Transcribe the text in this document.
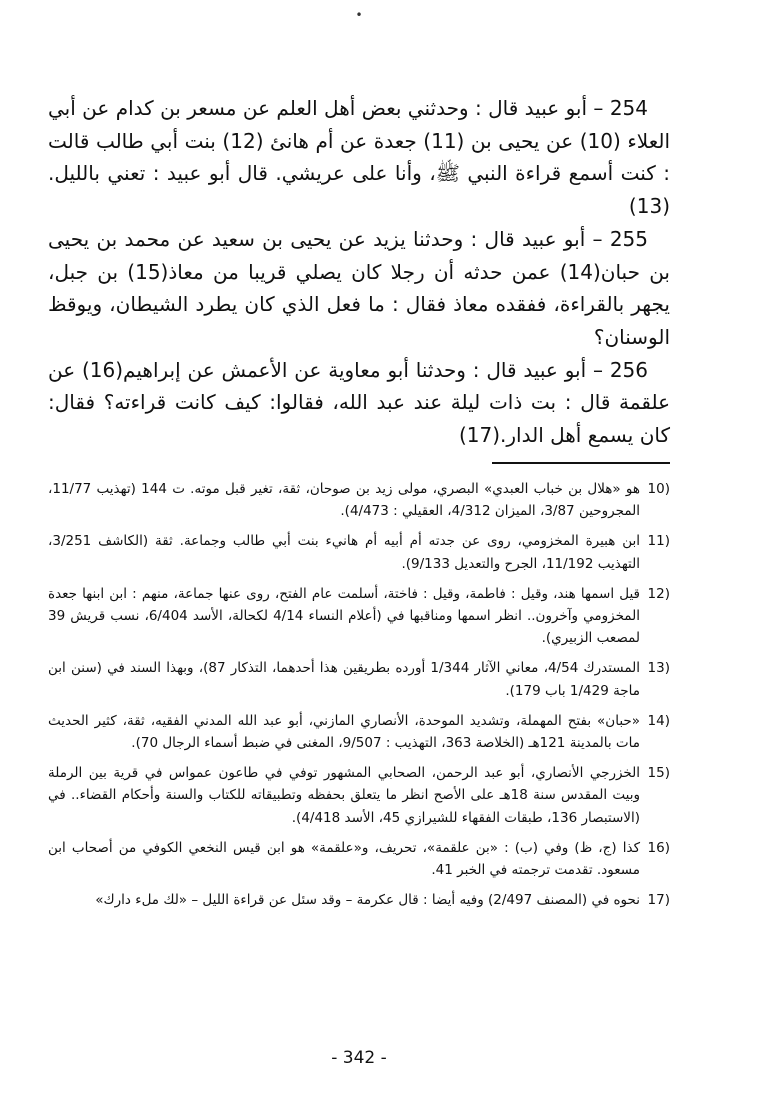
•

254 – أبو عبيد قال : وحدثني بعض أهل العلم عن مسعر بن كدام عن أبي العلاء (10) عن يحيى بن (11) جعدة عن أم هانئ (12) بنت أبي طالب قالت : كنت أسمع قراءة النبي ﷺ، وأنا على عريشي. قال أبو عبيد : تعني بالليل.(13)

255 – أبو عبيد قال : وحدثنا يزيد عن يحيى بن سعيد عن محمد بن يحيى بن حبان(14) عمن حدثه أن رجلا كان يصلي قريبا من معاذ(15) بن جبل، يجهر بالقراءة، ففقده معاذ فقال : ما فعل الذي كان يطرد الشيطان، ويوقظ الوسنان؟

256 – أبو عبيد قال : وحدثنا أبو معاوية عن الأعمش عن إبراهيم(16) عن علقمة قال : بت ذات ليلة عند عبد الله، فقالوا: كيف كانت قراءته؟ فقال: كان يسمع أهل الدار.(17)

10)
هو «هلال بن خباب العبدي» البصري، مولى زيد بن صوحان، ثقة، تغير قبل موته. ت 144 (تهذيب 11/77، المجروحين 3/87، الميزان 4/312، العقيلي : 4/473).
11)
ابن هبيرة المخزومي، روى عن جدته أم أبيه أم هانيء بنت أبي طالب وجماعة. ثقة (الكاشف 3/251، التهذيب 11/192، الجرح والتعديل 9/133).
12)
قيل اسمها هند، وقيل : فاطمة، وقيل : فاختة، أسلمت عام الفتح، روى عنها جماعة، منهم : ابن ابنها جعدة المخزومي وآخرون.. انظر اسمها ومناقبها في (أعلام النساء 4/14 لكحالة، الأسد 6/404، نسب قريش 39 لمصعب الزبيري).
13)
المستدرك 4/54، معاني الآثار 1/344 أورده بطريقين هذا أحدهما، التذكار 87)، وبهذا السند في (سنن ابن ماجة 1/429 باب 179).
14)
«حبان» بفتح المهملة، وتشديد الموحدة، الأنصاري المازني، أبو عبد الله المدني الفقيه، ثقة، كثير الحديث مات بالمدينة 121هـ (الخلاصة 363، التهذيب : 9/507، المغنى في ضبط أسماء الرجال 70).
15)
الخزرجي الأنصاري، أبو عبد الرحمن، الصحابي المشهور توفي في طاعون عمواس في قرية بين الرملة وبيت المقدس سنة 18هـ على الأصح انظر ما يتعلق بحفظه وتطبيقاته للكتاب والسنة وأحكام القضاء.. في (الاستبصار 136، طبقات الفقهاء للشيرازي 45، الأسد 4/418).
16)
كذا (ج، ظ) وفي (ب) : «بن علقمة»، تحريف، و«علقمة» هو ابن قيس النخعي الكوفي من أصحاب ابن مسعود. تقدمت ترجمته في الخبر 41.
17)
نحوه في (المصنف 2/497) وفيه أيضا : قال عكرمة – وقد سئل عن قراءة الليل – «لك ملء دارك»
- 342 -
